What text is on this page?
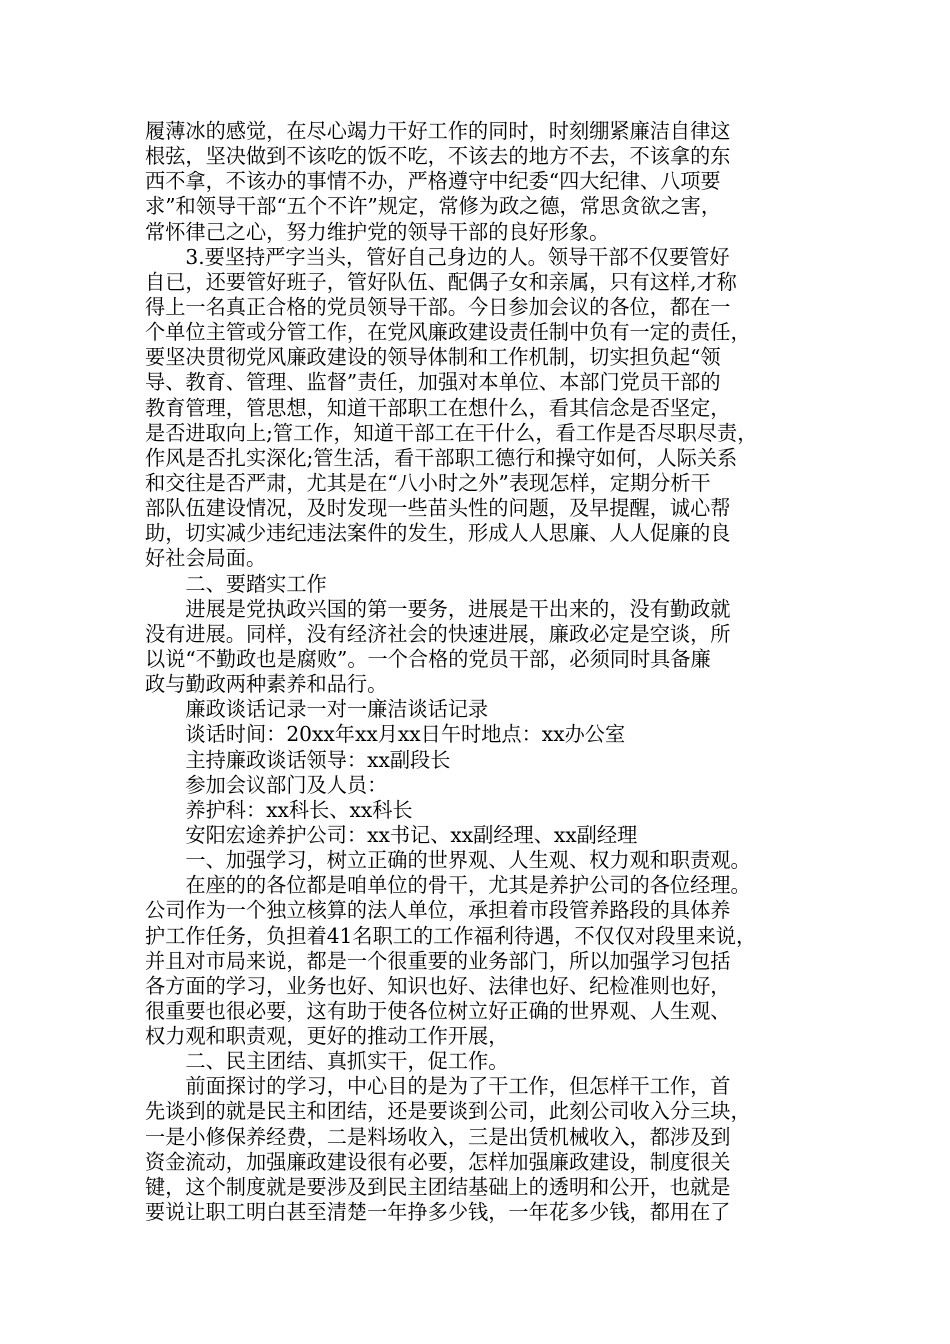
履薄冰的感觉，在尽心竭力干好工作的同时，时刻绷紧廉洁自律这
根弦，坚决做到不该吃的饭不吃，不该去的地方不去，不该拿的东
西不拿，不该办的事情不办，严格遵守中纪委“四大纪律、八项要
求”和领导干部“五个不许”规定，常修为政之德，常思贪欲之害，
常怀律己之心，努力维护党的领导干部的良好形象。
　　3.要坚持严字当头，管好自己身边的人。领导干部不仅要管好
自已，还要管好班子，管好队伍、配偶子女和亲属，只有这样,才称
得上一名真正合格的党员领导干部。今日参加会议的各位，都在一
个单位主管或分管工作，在党风廉政建设责任制中负有一定的责任，
要坚决贯彻党风廉政建设的领导体制和工作机制，切实担负起“领
导、教育、管理、监督”责任，加强对本单位、本部门党员干部的
教育管理，管思想，知道干部职工在想什么，看其信念是否坚定，
是否进取向上;管工作，知道干部工在干什么，看工作是否尽职尽责，
作风是否扎实深化;管生活，看干部职工德行和操守如何，人际关系
和交往是否严肃，尤其是在“八小时之外”表现怎样，定期分析干
部队伍建设情况，及时发现一些苗头性的问题，及早提醒，诚心帮
助，切实减少违纪违法案件的发生，形成人人思廉、人人促廉的良
好社会局面。
　　二、要踏实工作
　　进展是党执政兴国的第一要务，进展是干出来的，没有勤政就
没有进展。同样，没有经济社会的快速进展，廉政必定是空谈，所
以说“不勤政也是腐败”。一个合格的党员干部，必须同时具备廉
政与勤政两种素养和品行。
　　廉政谈话记录一对一廉洁谈话记录
　　谈话时间：20xx年xx月xx日午时地点：xx办公室
　　主持廉政谈话领导：xx副段长
　　参加会议部门及人员：
　　养护科：xx科长、xx科长
　　安阳宏途养护公司：xx书记、xx副经理、xx副经理
　　一、加强学习，树立正确的世界观、人生观、权力观和职责观。
　　在座的的各位都是咱单位的骨干，尤其是养护公司的各位经理。
公司作为一个独立核算的法人单位，承担着市段管养路段的具体养
护工作任务，负担着41名职工的工作福利待遇，不仅仅对段里来说，
并且对市局来说，都是一个很重要的业务部门，所以加强学习包括
各方面的学习，业务也好、知识也好、法律也好、纪检准则也好，
很重要也很必要，这有助于使各位树立好正确的世界观、人生观、
权力观和职责观，更好的推动工作开展，
　　二、民主团结、真抓实干，促工作。
　　前面探讨的学习，中心目的是为了干工作，但怎样干工作，首
先谈到的就是民主和团结，还是要谈到公司，此刻公司收入分三块，
一是小修保养经费，二是料场收入，三是出赁机械收入，都涉及到
资金流动，加强廉政建设很有必要，怎样加强廉政建设，制度很关
键，这个制度就是要涉及到民主团结基础上的透明和公开，也就是
要说让职工明白甚至清楚一年挣多少钱，一年花多少钱，都用在了
